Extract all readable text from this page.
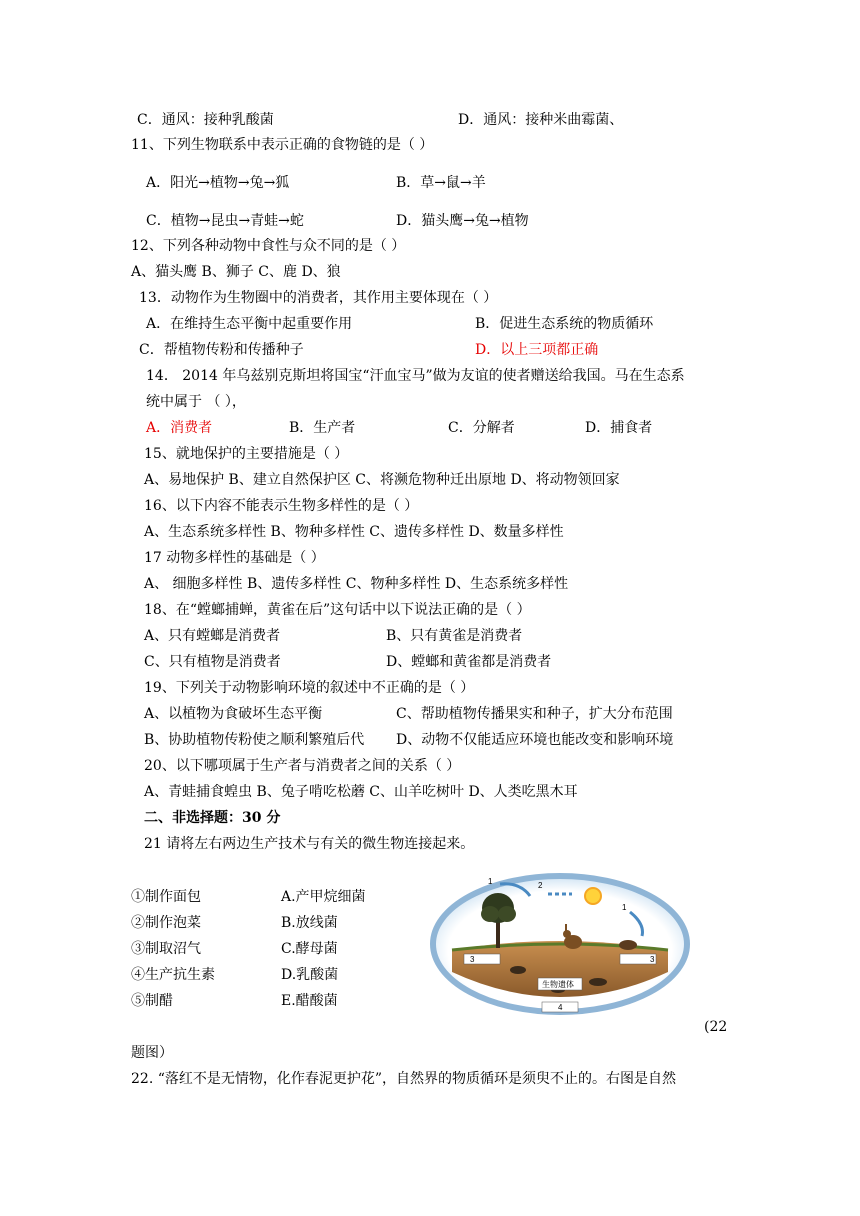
C．通风：接种乳酸菌	D．通风：接种米曲霉菌、
11、下列生物联系中表示正确的食物链的是（ ）
A．阳光→植物→兔→狐	B．草→鼠→羊
C．植物→昆虫→青蛙→蛇	D．猫头鹰→兔→植物
12、下列各种动物中食性与众不同的是（ ）
A、猫头鹰 B、狮子 C、鹿 D、狼
13．动物作为生物圈中的消费者，其作用主要体现在（ ）
A．在维持生态平衡中起重要作用	B．促进生态系统的物质循环
C．帮植物传粉和传播种子	D．以上三项都正确
14． 2014 年乌兹别克斯坦将国宝“汗血宝马”做为友谊的使者赠送给我国。马在生态系
统中属于 （ ），
A．消费者	B．生产者	C．分解者	D．捕食者
15、就地保护的主要措施是（ ）
A、易地保护 B、建立自然保护区 C、将濒危物种迁出原地 D、将动物领回家
16、以下内容不能表示生物多样性的是（ ）
A、生态系统多样性 B、物种多样性 C、遗传多样性 D、数量多样性
17 动物多样性的基础是（ ）
A、 细胞多样性 B、遗传多样性 C、物种多样性 D、生态系统多样性
18、在“螳螂捕蝉，黄雀在后”这句话中以下说法正确的是（ ）
A、只有螳螂是消费者	B、只有黄雀是消费者
C、只有植物是消费者	D、螳螂和黄雀都是消费者
19、下列关于动物影响环境的叙述中不正确的是（ ）
A、以植物为食破坏生态平衡	C、帮助植物传播果实和种子，扩大分布范围
B、协助植物传粉使之顺利繁殖后代 D、动物不仅能适应环境也能改变和影响环境
20、以下哪项属于生产者与消费者之间的关系（ ）
A、青蛙捕食蝗虫 B、兔子啃吃松蘑 C、山羊吃树叶 D、人类吃黑木耳
二、非选择题：30 分
21 请将左右两边生产技术与有关的微生物连接起来。
①制作面包
②制作泡菜
③制取沼气
④生产抗生素
⑤制醋
A.产甲烷细菌
B.放线菌
C.酵母菌
D.乳酸菌
E.醋酸菌
1	2
1
3	3
4
生物遗体
(22
题图）
22. “落红不是无情物，化作春泥更护花”，自然界的物质循环是须臾不止的。右图是自然
